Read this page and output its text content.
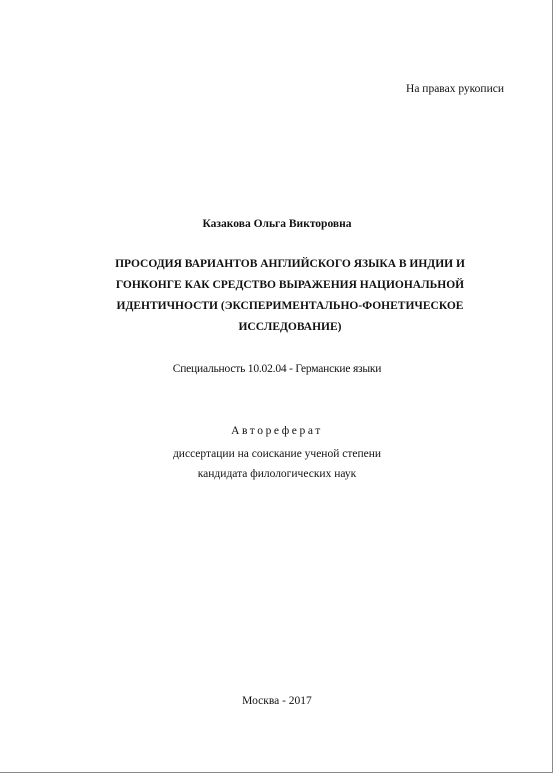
На правах рукописи
Казакова Ольга Викторовна
ПРОСОДИЯ ВАРИАНТОВ АНГЛИЙСКОГО ЯЗЫКА В ИНДИИ И
ГОНКОНГЕ КАК СРЕДСТВО ВЫРАЖЕНИЯ НАЦИОНАЛЬНОЙ
ИДЕНТИЧНОСТИ (ЭКСПЕРИМЕНТАЛЬНО-ФОНЕТИЧЕСКОЕ
ИССЛЕДОВАНИЕ)
Специальность 10.02.04 - Германские языки
Автореферат
диссертации на соискание ученой степени
кандидата филологических наук
Москва - 2017
